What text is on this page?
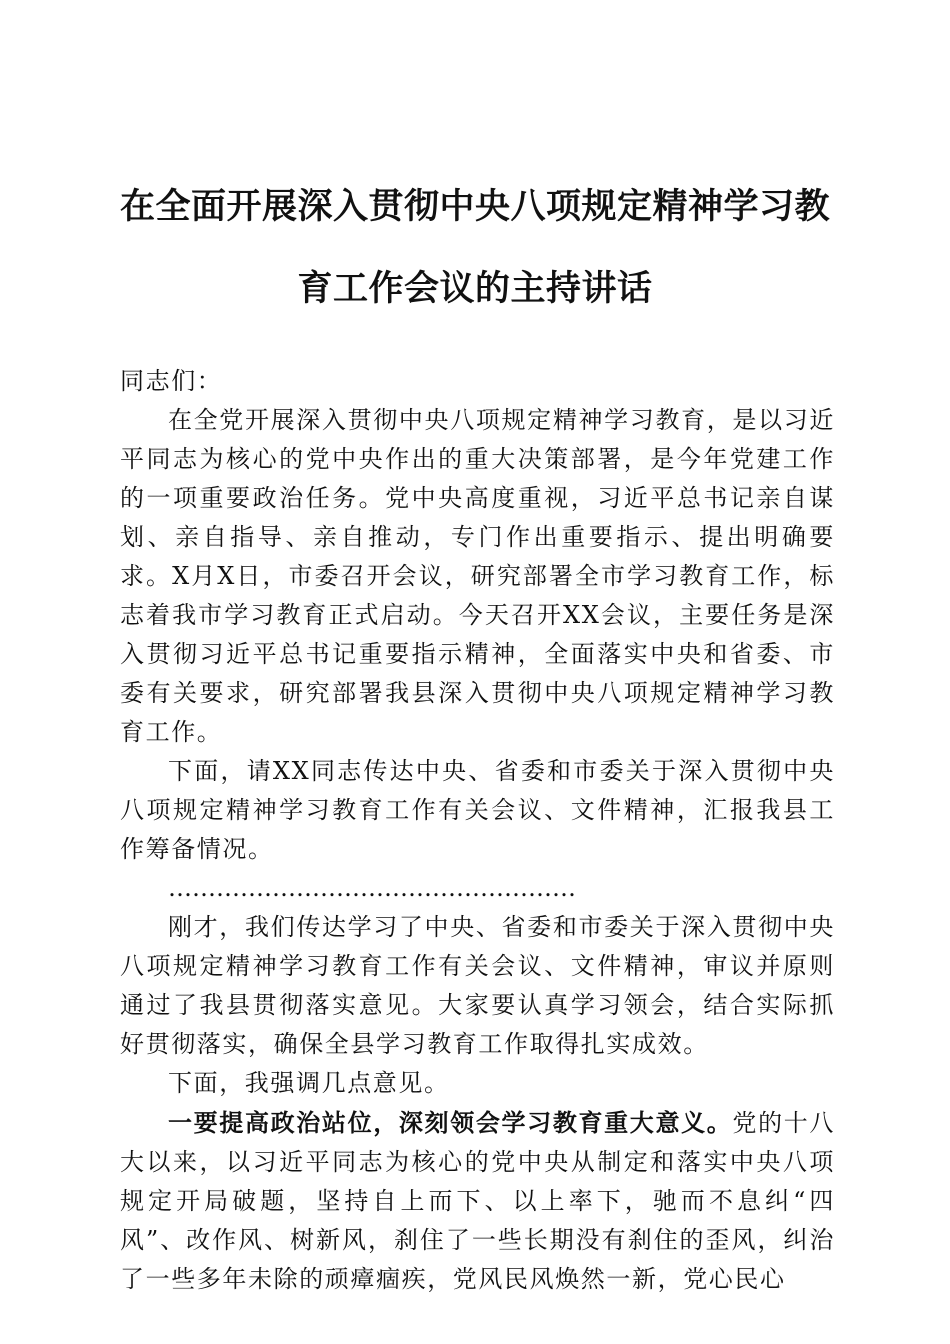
在全面开展深入贯彻中央八项规定精神学习教
育工作会议的主持讲话

同志们：

在全党开展深入贯彻中央八项规定精神学习教育，是以习近平同志为核心的党中央作出的重大决策部署，是今年党建工作的一项重要政治任务。党中央高度重视，习近平总书记亲自谋划、亲自指导、亲自推动，专门作出重要指示、提出明确要求。X月X日，市委召开会议，研究部署全市学习教育工作，标志着我市学习教育正式启动。今天召开XX会议，主要任务是深入贯彻习近平总书记重要指示精神，全面落实中央和省委、市委有关要求，研究部署我县深入贯彻中央八项规定精神学习教育工作。

下面，请XX同志传达中央、省委和市委关于深入贯彻中央八项规定精神学习教育工作有关会议、文件精神，汇报我县工作筹备情况。

……………………………………………

刚才，我们传达学习了中央、省委和市委关于深入贯彻中央八项规定精神学习教育工作有关会议、文件精神，审议并原则通过了我县贯彻落实意见。大家要认真学习领会，结合实际抓好贯彻落实，确保全县学习教育工作取得扎实成效。

下面，我强调几点意见。

一要提高政治站位，深刻领会学习教育重大意义。党的十八大以来，以习近平同志为核心的党中央从制定和落实中央八项规定开局破题，坚持自上而下、以上率下，驰而不息纠“四风”、改作风、树新风，刹住了一些长期没有刹住的歪风，纠治了一些多年未除的顽瘴痼疾，党风民风焕然一新，党心民心
